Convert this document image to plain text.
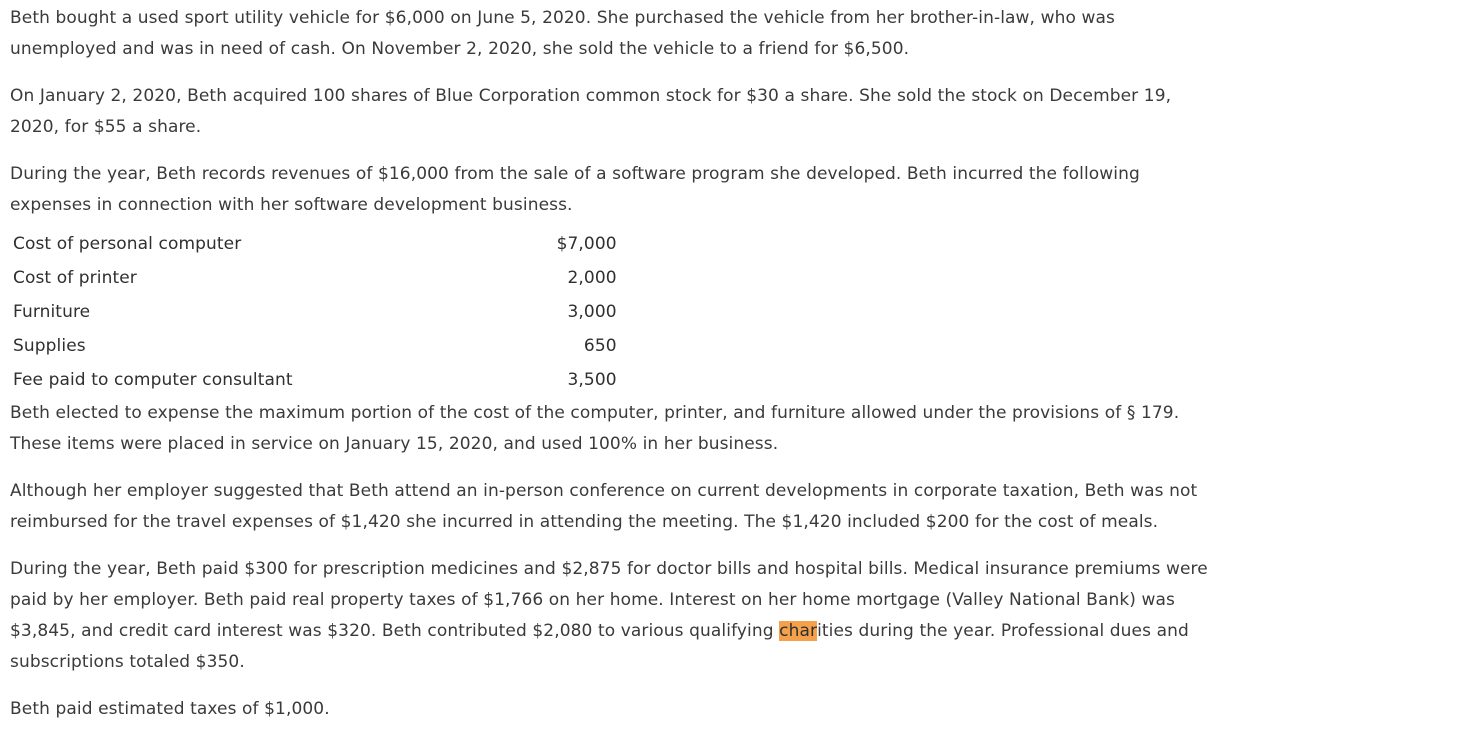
Beth bought a used sport utility vehicle for $6,000 on June 5, 2020. She purchased the vehicle from her brother-in-law, who was

unemployed and was in need of cash. On November 2, 2020, she sold the vehicle to a friend for $6,500.

On January 2, 2020, Beth acquired 100 shares of Blue Corporation common stock for $30 a share. She sold the stock on December 19,

2020, for $55 a share.

During the year, Beth records revenues of $16,000 from the sale of a software program she developed. Beth incurred the following

expenses in connection with her software development business.

Cost of personal computer	$7,000
Cost of printer	2,000
Furniture	3,000
Supplies	650
Fee paid to computer consultant	3,500

Beth elected to expense the maximum portion of the cost of the computer, printer, and furniture allowed under the provisions of § 179.

These items were placed in service on January 15, 2020, and used 100% in her business.

Although her employer suggested that Beth attend an in-person conference on current developments in corporate taxation, Beth was not

reimbursed for the travel expenses of $1,420 she incurred in attending the meeting. The $1,420 included $200 for the cost of meals.

During the year, Beth paid $300 for prescription medicines and $2,875 for doctor bills and hospital bills. Medical insurance premiums were

paid by her employer. Beth paid real property taxes of $1,766 on her home. Interest on her home mortgage (Valley National Bank) was

$3,845, and credit card interest was $320. Beth contributed $2,080 to various qualifying charities during the year. Professional dues and

subscriptions totaled $350.

Beth paid estimated taxes of $1,000.
